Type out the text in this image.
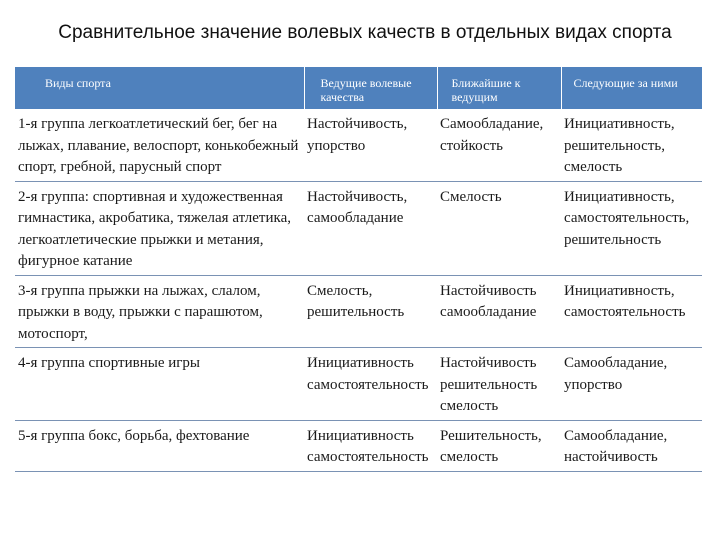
Сравнительное значение волевых качеств в отдельных видах спорта
Виды спорта	Ведущие волевые качества	Ближайшие к ведущим	Следующие за ними
1-я группа легкоатлетический бег, бег на лыжах, плавание, велоспорт, конькобежный спорт, гребной, парусный спорт	Настойчивость, упорство	Самообладание, стойкость	Инициативность, решительность, смелость
2-я группа: спортивная и художественная гимнастика, акробатика, тяжелая атлетика, легкоатлетические прыжки и метания, фигурное катание	Настойчивость, самообладание	Смелость	Инициативность, самостоятельность, решительность
3-я группа прыжки на лыжах, слалом, прыжки в воду, прыжки с парашютом, мотоспорт,	Смелость, решительность	Настойчивость самообладание	Инициативность, самостоятельность
4-я группа спортивные игры	Инициативность самостоятельность	Настойчивость решительность смелость	Самообладание, упорство
5-я группа бокс, борьба, фехтование	Инициативность самостоятельность	Решительность, смелость	Самообладание, настойчивость
